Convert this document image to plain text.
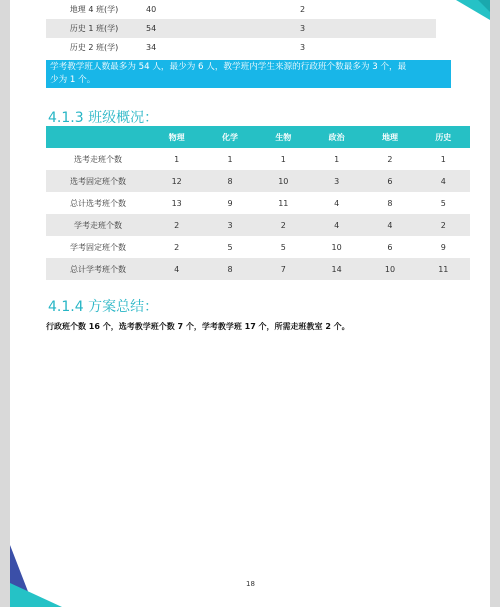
地理 4 班(学)	40	2
历史 1 班(学)	54	3
历史 2 班(学)	34	3
学考教学班人数最多为 54 人，最少为 6 人，教学班内学生来源的行政班个数最多为 3 个，最
少为 1 个。
4.1.3 班级概况：
	物理	化学	生物	政治	地理	历史
选考走班个数	1	1	1	1	2	1
选考固定班个数	12	8	10	3	6	4
总计选考班个数	13	9	11	4	8	5
学考走班个数	2	3	2	4	4	2
学考固定班个数	2	5	5	10	6	9
总计学考班个数	4	8	7	14	10	11
4.1.4 方案总结：
行政班个数 16 个，选考教学班个数 7 个，学考教学班 17 个，所需走班教室 2 个。
18
